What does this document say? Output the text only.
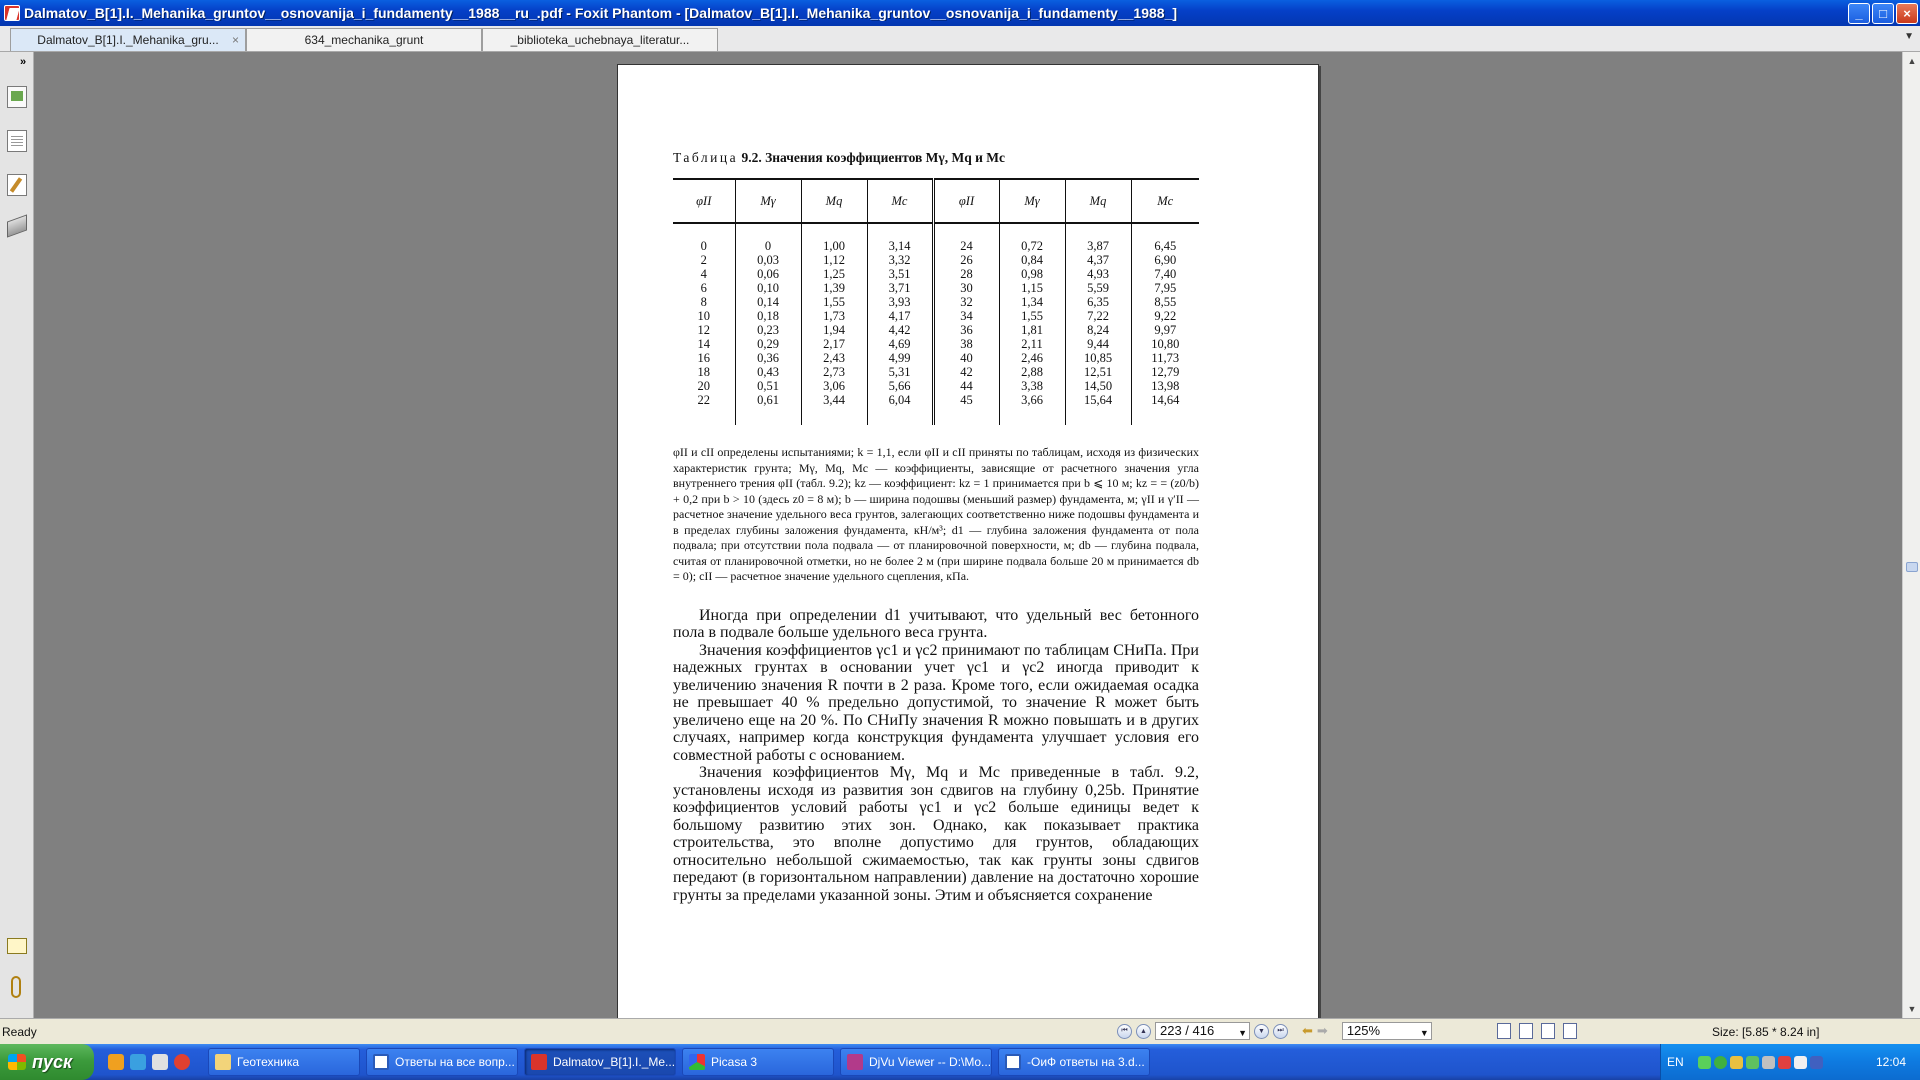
Dalmatov_B[1].I._Mehanika_gruntov__osnovanija_i_fundamenty__1988__ru_.pdf - Foxit Phantom - [Dalmatov_B[1].I._Mehanika_gruntov__osnovanija_i_fundamenty__1988_]	_	□	×
Dalmatov_B[1].I._Mehanika_gru... ×	634_mechanika_grunt	_biblioteka_uchebnaya_literatur...	▼
»
Таблица 9.2. Значения коэффициентов Mγ, Mq и Mc
φII	Mγ	Mq	Mc	φII	Mγ	Mq	Mc

0	0	1,00	3,14	24	0,72	3,87	6,45
2	0,03	1,12	3,32	26	0,84	4,37	6,90
4	0,06	1,25	3,51	28	0,98	4,93	7,40
6	0,10	1,39	3,71	30	1,15	5,59	7,95
8	0,14	1,55	3,93	32	1,34	6,35	8,55
10	0,18	1,73	4,17	34	1,55	7,22	9,22
12	0,23	1,94	4,42	36	1,81	8,24	9,97
14	0,29	2,17	4,69	38	2,11	9,44	10,80
16	0,36	2,43	4,99	40	2,46	10,85	11,73
18	0,43	2,73	5,31	42	2,88	12,51	12,79
20	0,51	3,06	5,66	44	3,38	14,50	13,98
22	0,61	3,44	6,04	45	3,66	15,64	14,64

φII и cII определены испытаниями; k = 1,1, если φII и cII приняты по таблицам, исходя из физических характеристик грунта; Mγ, Mq, Mc — коэффициенты, зависящие от расчетного значения угла внутреннего трения φII (табл. 9.2); kz — коэффициент: kz = 1 принимается при b ⩽ 10 м; kz = = (z0/b) + 0,2 при b > 10 (здесь z0 = 8 м); b — ширина подошвы (меньший размер) фундамента, м; γII и γ′II — расчетное значение удельного веса грунтов, залегающих соответственно ниже подошвы фундамента и в пределах глубины заложения фундамента, кН/м³; d1 — глубина заложения фундамента от пола подвала; при отсутствии пола подвала — от планировочной поверхности, м; db — глубина подвала, считая от планировочной отметки, но не более 2 м (при ширине подвала больше 20 м принимается db = 0); cII — расчетное значение удельного сцепления, кПа.
Иногда при определении d1 учитывают, что удельный вес бетонного пола в подвале больше удельного веса грунта.
Значения коэффициентов γc1 и γc2 принимают по таблицам СНиПа. При надежных грунтах в основании учет γc1 и γc2 иногда приводит к увеличению значения R почти в 2 раза. Кроме того, если ожидаемая осадка не превышает 40 % предельно допустимой, то значение R может быть увеличено еще на 20 %. По СНиПу значения R можно повышать и в других случаях, например когда конструкция фундамента улучшает условия его совместной работы с основанием.
Значения коэффициентов Mγ, Mq и Mc приведенные в табл. 9.2, установлены исходя из развития зон сдвигов на глубину 0,25b. Принятие коэффициентов условий работы γc1 и γc2 больше единицы ведет к большому развитию этих зон. Однако, как показывает практика строительства, это вполне допустимо для грунтов, обладающих относительно небольшой сжимаемостью, так как грунты зоны сдвигов передают (в горизонтальном направлении) давление на достаточно хорошие грунты за пределами указанной зоны. Этим и объясняется сохранение
▲
▼
Ready	⏮	▲	223 / 416	▼	▼	⏭	⬅ ➡	125%	▼	Size: [5.85 * 8.24 in]
пуск	Геотехника	Ответы на все вопр...	Dalmatov_B[1].I._Me...	Picasa 3	DjVu Viewer -- D:\Mo...	-ОиФ ответы на 3.d...	EN	12:04
